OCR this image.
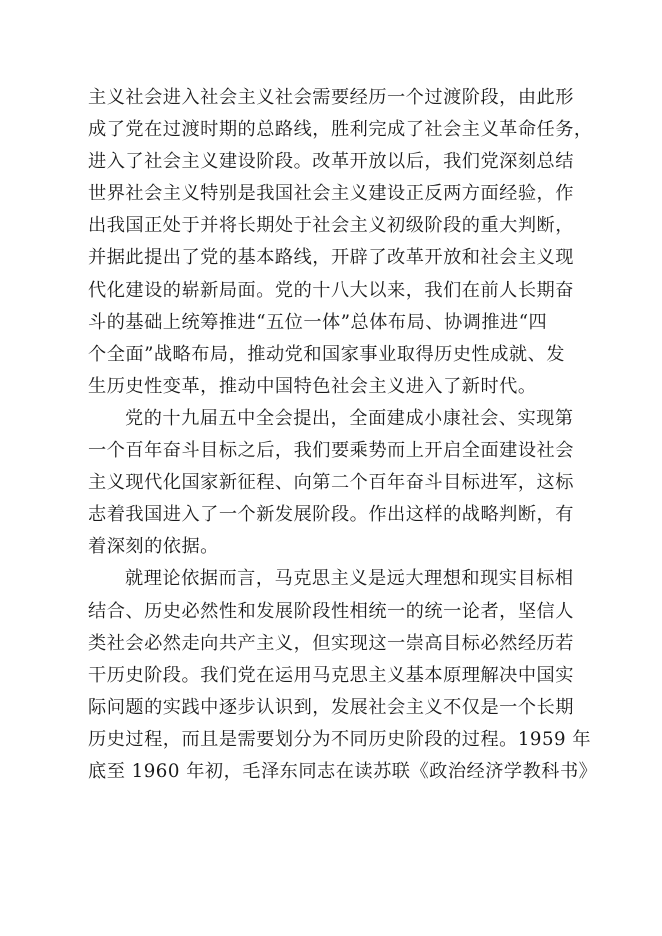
主义社会进入社会主义社会需要经历一个过渡阶段，由此形
成了党在过渡时期的总路线，胜利完成了社会主义革命任务，
进入了社会主义建设阶段。改革开放以后，我们党深刻总结
世界社会主义特别是我国社会主义建设正反两方面经验，作
出我国正处于并将长期处于社会主义初级阶段的重大判断，
并据此提出了党的基本路线，开辟了改革开放和社会主义现
代化建设的崭新局面。党的十八大以来，我们在前人长期奋
斗的基础上统筹推进“五位一体”总体布局、协调推进“四
个全面”战略布局，推动党和国家事业取得历史性成就、发
生历史性变革，推动中国特色社会主义进入了新时代。
党的十九届五中全会提出，全面建成小康社会、实现第
一个百年奋斗目标之后，我们要乘势而上开启全面建设社会
主义现代化国家新征程、向第二个百年奋斗目标进军，这标
志着我国进入了一个新发展阶段。作出这样的战略判断，有
着深刻的依据。
就理论依据而言，马克思主义是远大理想和现实目标相
结合、历史必然性和发展阶段性相统一的统一论者，坚信人
类社会必然走向共产主义，但实现这一崇高目标必然经历若
干历史阶段。我们党在运用马克思主义基本原理解决中国实
际问题的实践中逐步认识到，发展社会主义不仅是一个长期
历史过程，而且是需要划分为不同历史阶段的过程。1959 年
底至 1960 年初，毛泽东同志在读苏联《政治经济学教科书》
